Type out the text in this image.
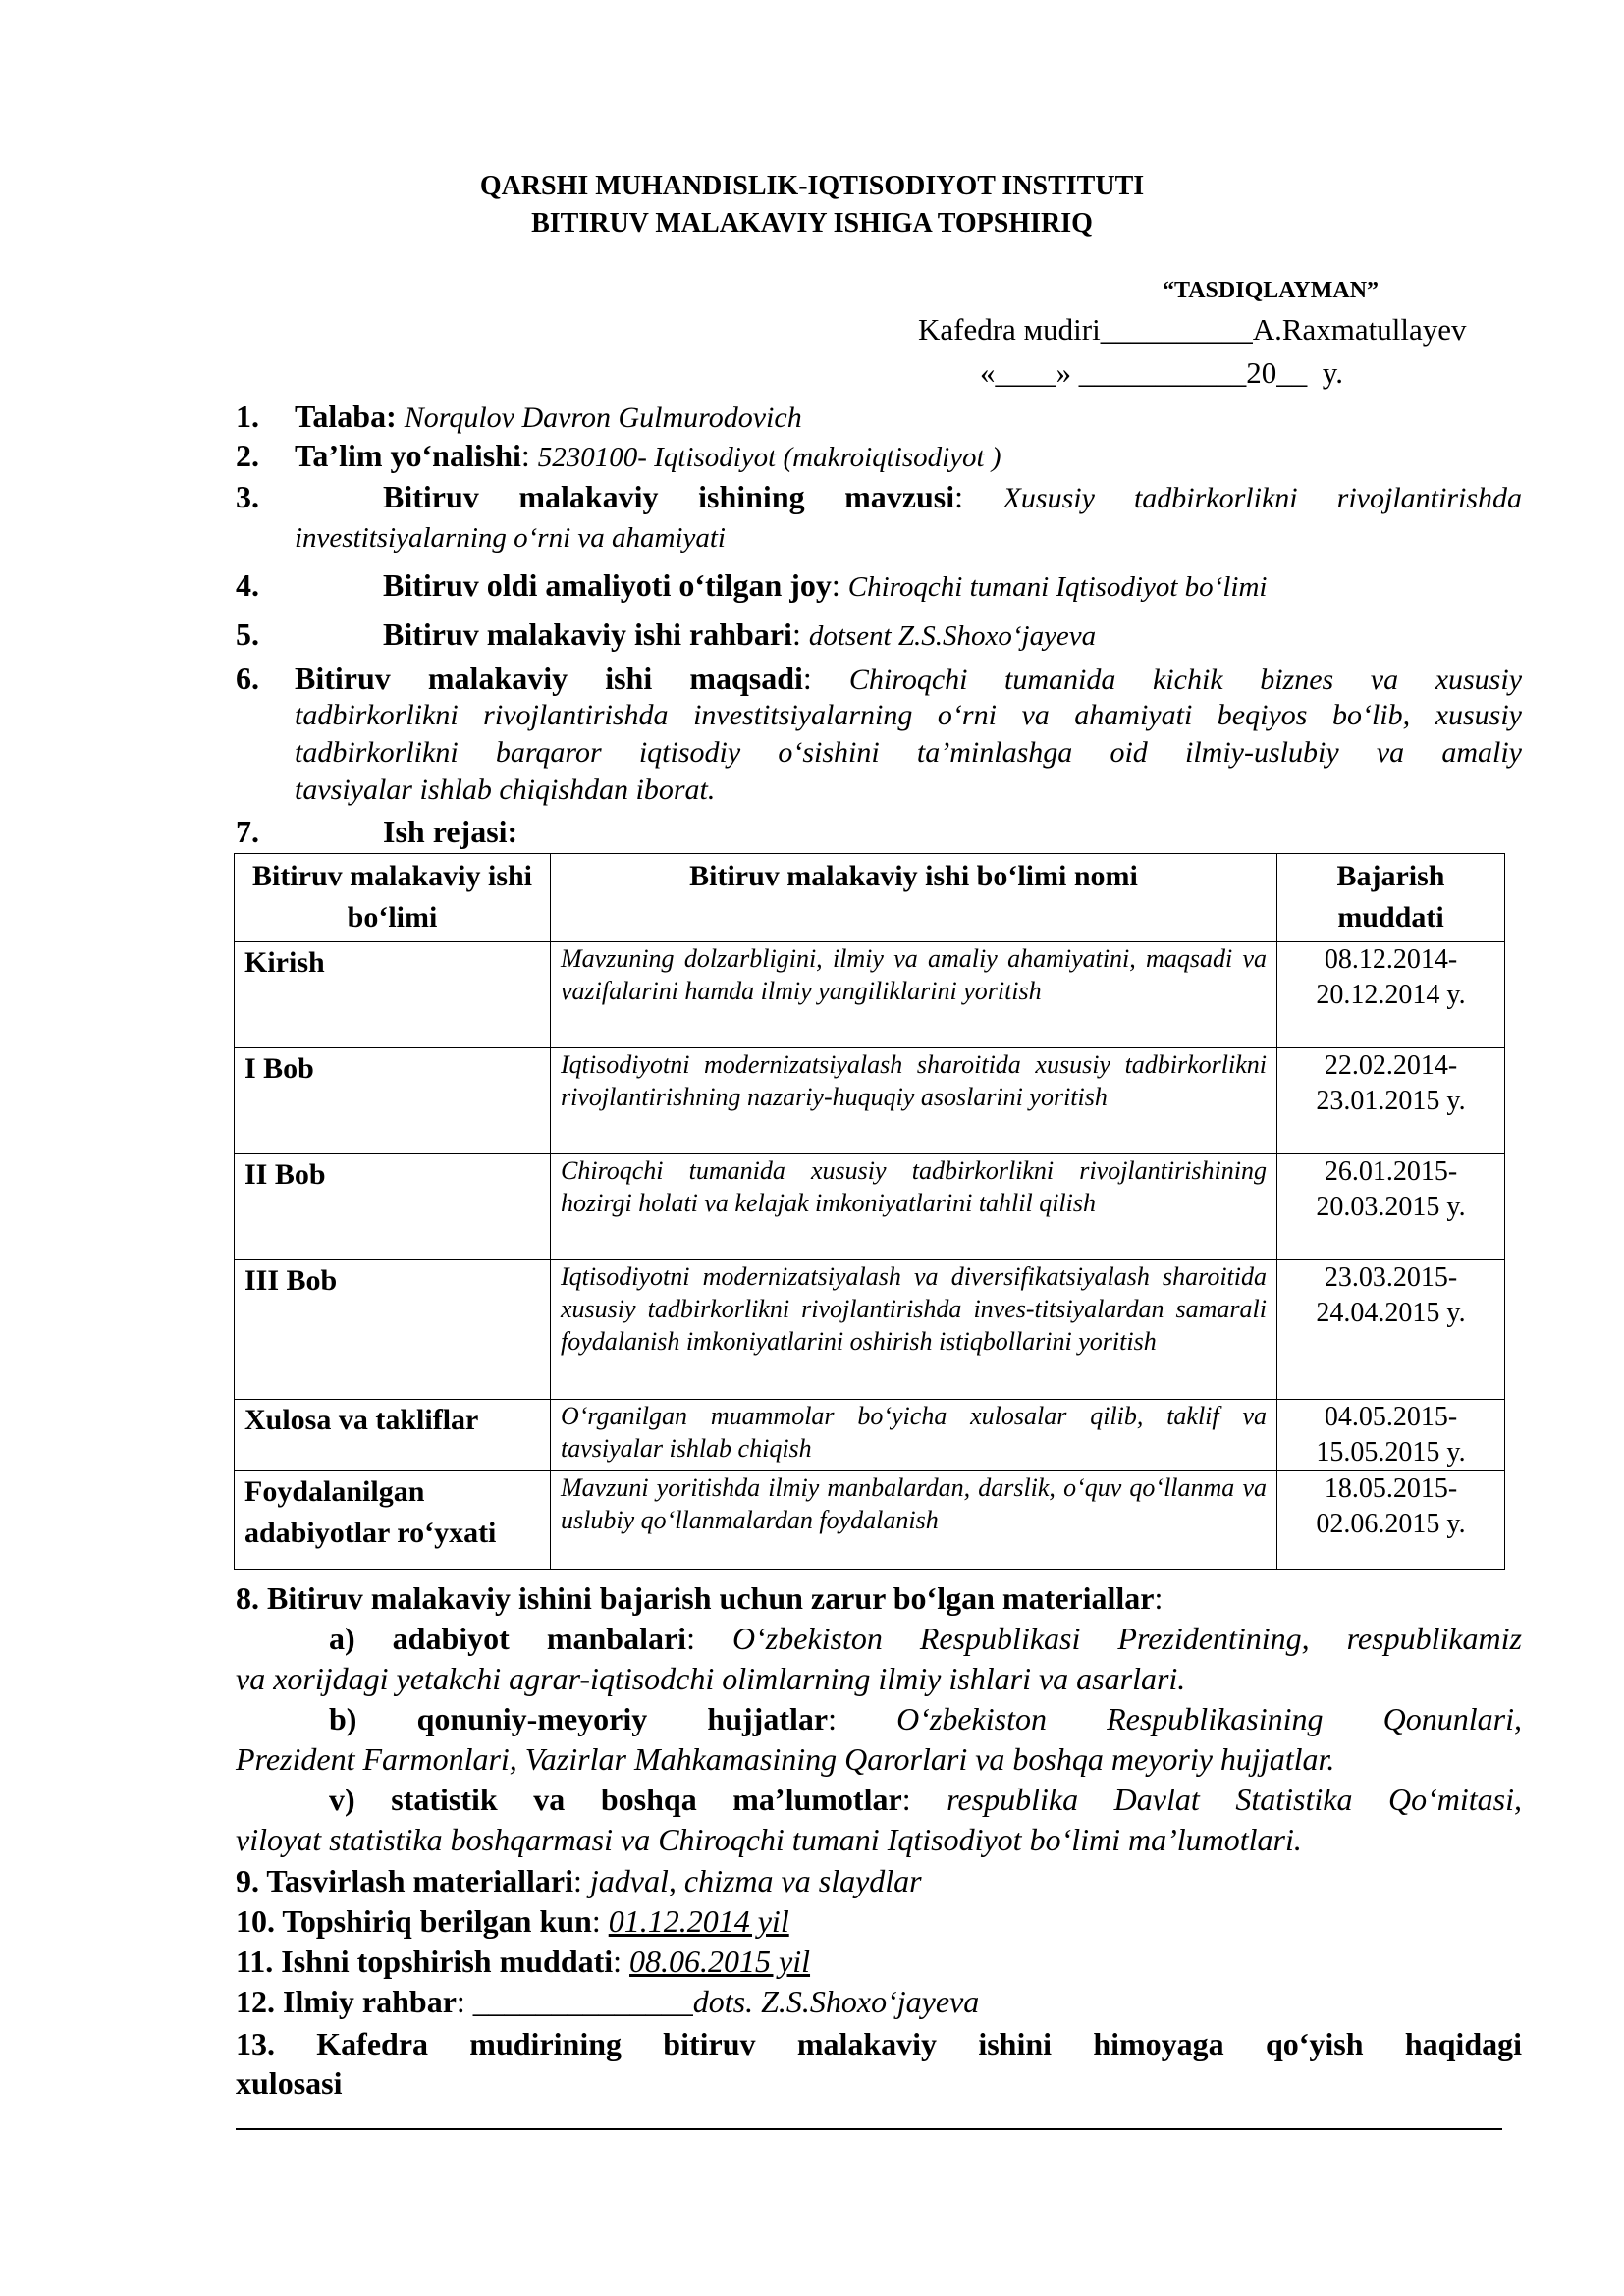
QARSHI MUHANDISLIK-IQTISODIYOT INSTITUTI
BITIRUV MALAKAVIY ISHIGA TOPSHIRIQ
“TASDIQLAYMAN”
Kafedra мudiri__________A.Raxmatullayev
«____» ___________20__  y.
1. Talaba: Norqulov Davron Gulmurodovich
2. Ta’lim yo‘nalishi: 5230100- Iqtisodiyot (makroiqtisodiyot )
3.	Bitiruv malakaviy ishining mavzusi: Xususiy tadbirkorlikni rivojlantirishda
investitsiyalarning o‘rni va ahamiyati
4.	Bitiruv oldi amaliyoti o‘tilgan joy: Chiroqchi tumani Iqtisodiyot bo‘limi
5.	Bitiruv malakaviy ishi rahbari: dotsent Z.S.Shoxo‘jayeva
6. Bitiruv malakaviy ishi maqsadi: Chiroqchi tumanida kichik biznes va xususiy
tadbirkorlikni rivojlantirishda investitsiyalarning o‘rni va ahamiyati beqiyos bo‘lib, xususiy
tadbirkorlikni barqaror iqtisodiy o‘sishini ta’minlashga oid ilmiy-uslubiy va amaliy
tavsiyalar ishlab chiqishdan iborat.
7.	Ish rejasi:
Bitiruv malakaviy ishi bo‘limi	Bitiruv malakaviy ishi bo‘limi nomi	Bajarish muddati
Kirish	Mavzuning dolzarbligini, ilmiy va amaliy ahamiyatini, maqsadi va vazifalarini hamda ilmiy yangiliklarini yoritish	08.12.2014- 20.12.2014 y.
I Bob	Iqtisodiyotni modernizatsiyalash sharoitida xususiy tadbirkorlikni rivojlantirishning nazariy-huquqiy asoslarini yoritish	22.02.2014- 23.01.2015 y.
II Bob	Chiroqchi tumanida xususiy tadbirkorlikni rivojlantirishining hozirgi holati va kelajak imkoniyatlarini tahlil qilish	26.01.2015- 20.03.2015 y.
III Bob	Iqtisodiyotni modernizatsiyalash va diversifikatsiyalash sharoitida xususiy tadbirkorlikni rivojlantirishda inves-titsiyalardan samarali foydalanish imkoniyatlarini oshirish istiqbollarini yoritish	23.03.2015- 24.04.2015 y.
Xulosa va takliflar	O‘rganilgan muammolar bo‘yicha xulosalar qilib, taklif va tavsiyalar ishlab chiqish	04.05.2015- 15.05.2015 y.
Foydalanilgan adabiyotlar ro‘yxati	Mavzuni yoritishda ilmiy manbalardan, darslik, o‘quv qo‘llanma va uslubiy qo‘llanmalardan foydalanish	18.05.2015- 02.06.2015 y.
8. Bitiruv malakaviy ishini bajarish uchun zarur bo‘lgan materiallar:
a) adabiyot manbalari: O‘zbekiston Respublikasi Prezidentining, respublikamiz
va xorijdagi yetakchi agrar-iqtisodchi olimlarning ilmiy ishlari va asarlari.
b) qonuniy-meyoriy hujjatlar: O‘zbekiston Respublikasining Qonunlari,
Prezident Farmonlari, Vazirlar Mahkamasining Qarorlari va boshqa meyoriy hujjatlar.
v) statistik va boshqa ma’lumotlar: respublika Davlat Statistika Qo‘mitasi,
viloyat statistika boshqarmasi va Chiroqchi tumani Iqtisodiyot bo‘limi ma’lumotlari.
9. Tasvirlash materiallari: jadval, chizma va slaydlar
10. Topshiriq berilgan kun: 01.12.2014 yil
11. Ishni topshirish muddati: 08.06.2015 yil
12. Ilmiy rahbar: ______________dots. Z.S.Shoxo‘jayeva
13. Kafedra mudirining bitiruv malakaviy ishini himoyaga qo‘yish haqidagi
xulosasi
